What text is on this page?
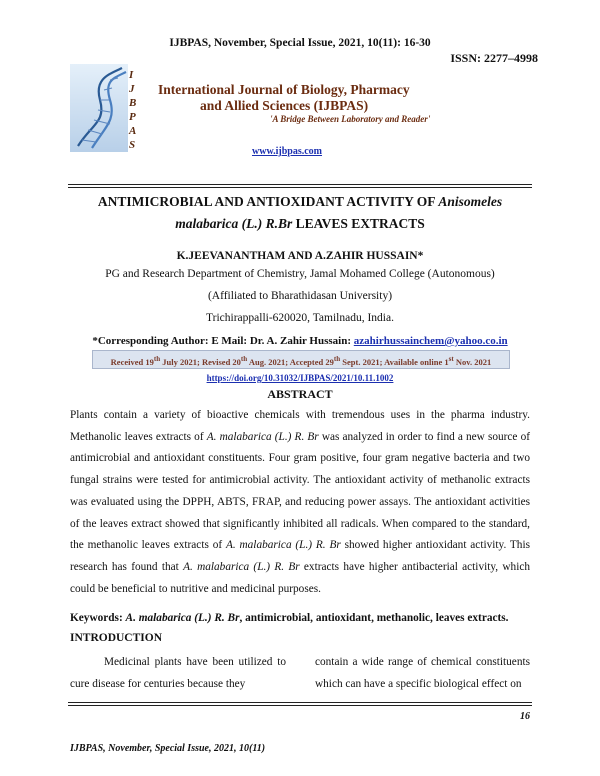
IJBPAS, November, Special Issue, 2021, 10(11): 16-30
ISSN: 2277–4998
I
J
B
P
A
S
International Journal of Biology, Pharmacy
and Allied Sciences (IJBPAS)
'A Bridge Between Laboratory and Reader'
www.ijbpas.com
ANTIMICROBIAL AND ANTIOXIDANT ACTIVITY OF Anisomeles
malabarica (L.) R.Br LEAVES EXTRACTS
K.JEEVANANTHAM AND A.ZAHIR HUSSAIN*
PG and Research Department of Chemistry, Jamal Mohamed College (Autonomous)
(Affiliated to Bharathidasan University)
Trichirappalli-620020, Tamilnadu, India.
*Corresponding Author: E Mail: Dr. A. Zahir Hussain: azahirhussainchem@yahoo.co.in
Received 19th July 2021; Revised 20th Aug. 2021; Accepted 29th Sept. 2021; Available online 1st Nov. 2021
https://doi.org/10.31032/IJBPAS/2021/10.11.1002
ABSTRACT
Plants contain a variety of bioactive chemicals with tremendous uses in the pharma industry. Methanolic leaves extracts of A. malabarica (L.) R. Br was analyzed in order to find a new source of antimicrobial and antioxidant constituents. Four gram positive, four gram negative bacteria and two fungal strains were tested for antimicrobial activity. The antioxidant activity of methanolic extracts was evaluated using the DPPH, ABTS, FRAP, and reducing power assays. The antioxidant activities of the leaves extract showed that significantly inhibited all radicals. When compared to the standard, the methanolic leaves extracts of A. malabarica (L.) R. Br showed higher antioxidant activity. This research has found that A. malabarica (L.) R. Br extracts have higher antibacterial activity, which could be beneficial to nutritive and medicinal purposes.
Keywords: A. malabarica (L.) R. Br, antimicrobial, antioxidant, methanolic, leaves extracts.
INTRODUCTION
Medicinal plants have been utilized to cure disease for centuries because they
contain a wide range of chemical constituents which can have a specific biological effect on
16
IJBPAS, November, Special Issue, 2021, 10(11)
